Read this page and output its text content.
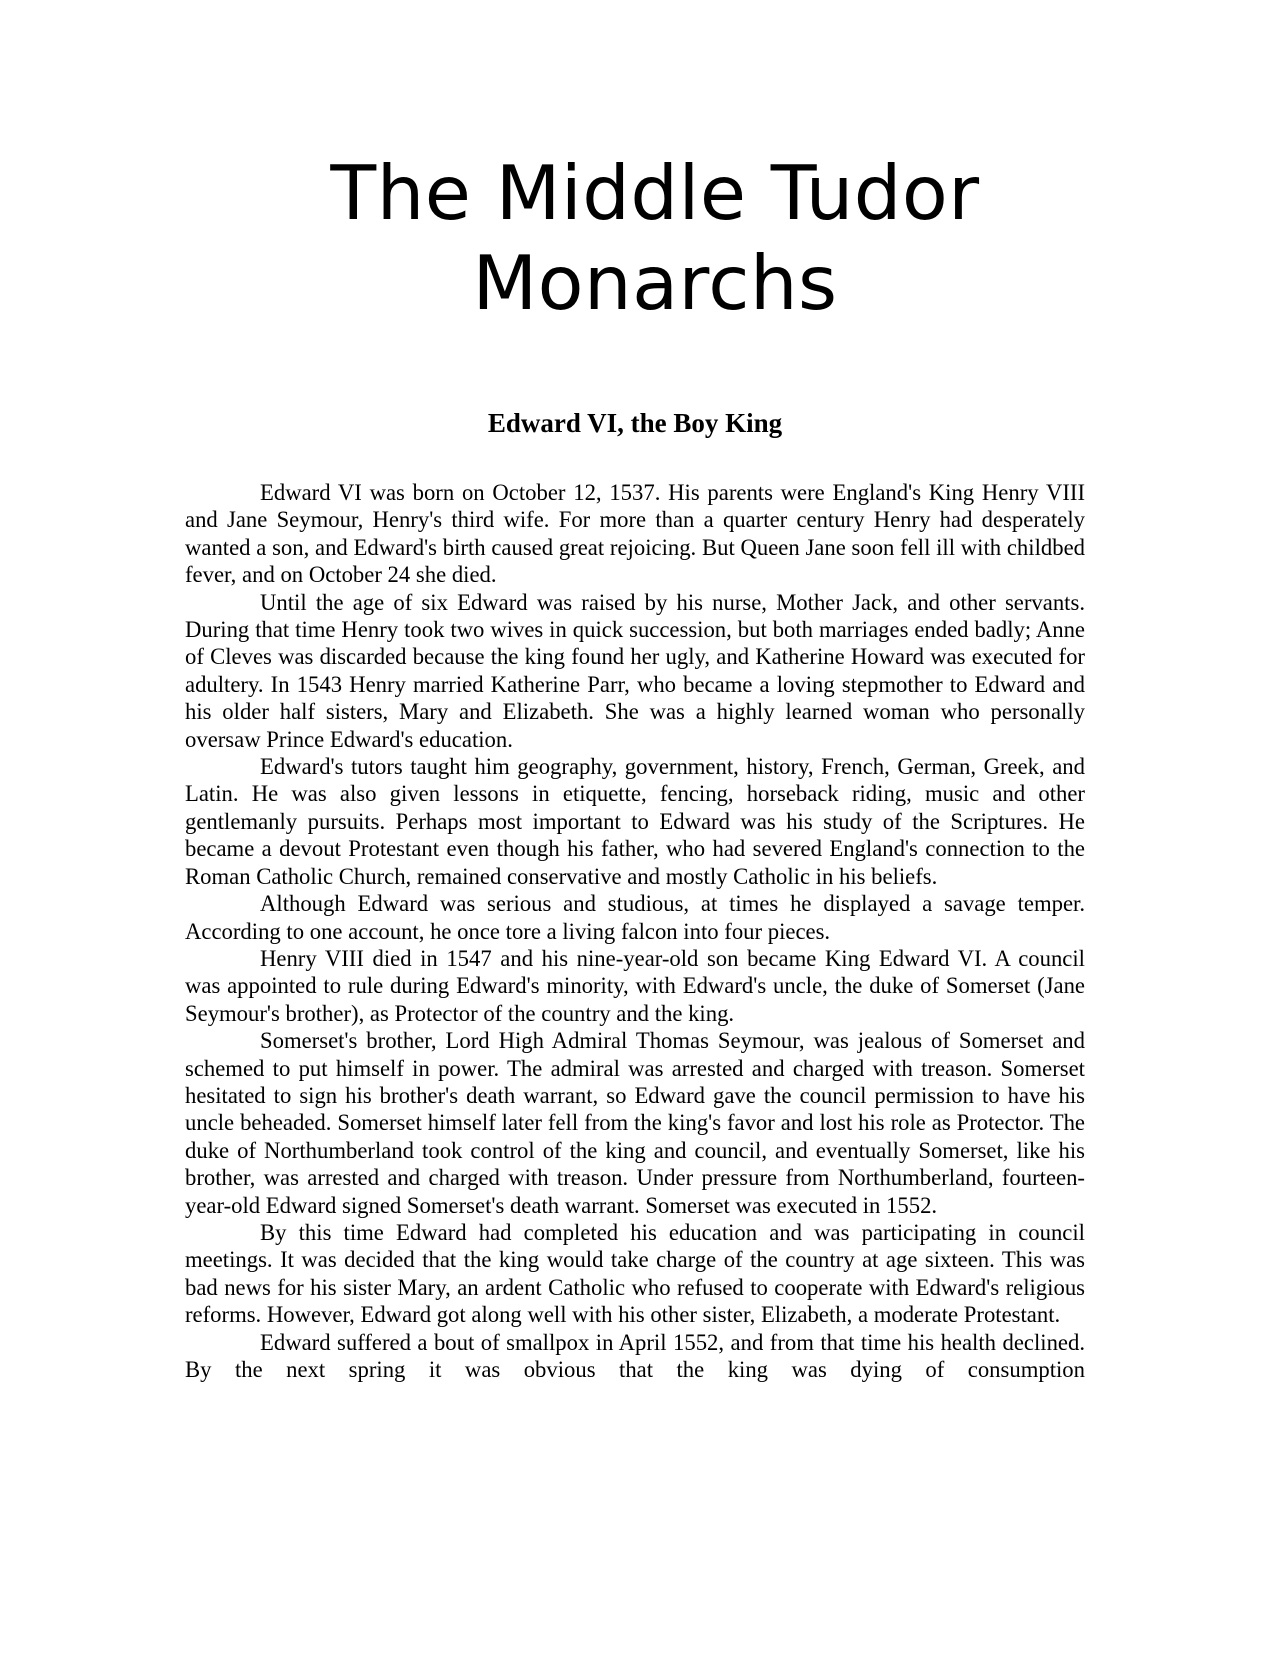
The Middle Tudor
Monarchs
Edward VI, the Boy King

Edward VI was born on October 12, 1537. His parents were England's King Henry VIII and Jane Seymour, Henry's third wife. For more than a quarter century Henry had desperately wanted a son, and Edward's birth caused great rejoicing. But Queen Jane soon fell ill with childbed fever, and on October 24 she died.

Until the age of six Edward was raised by his nurse, Mother Jack, and other servants. During that time Henry took two wives in quick succession, but both marriages ended badly; Anne of Cleves was discarded because the king found her ugly, and Katherine Howard was executed for adultery. In 1543 Henry married Katherine Parr, who became a loving stepmother to Edward and his older half sisters, Mary and Elizabeth. She was a highly learned woman who personally oversaw Prince Edward's education.

Edward's tutors taught him geography, government, history, French, German, Greek, and Latin. He was also given lessons in etiquette, fencing, horseback riding, music and other gentlemanly pursuits. Perhaps most important to Edward was his study of the Scriptures. He became a devout Protestant even though his father, who had severed England's connection to the Roman Catholic Church, remained conservative and mostly Catholic in his beliefs.

Although Edward was serious and studious, at times he displayed a savage temper. According to one account, he once tore a living falcon into four pieces.

Henry VIII died in 1547 and his nine-year-old son became King Edward VI. A council was appointed to rule during Edward's minority, with Edward's uncle, the duke of Somerset (Jane Seymour's brother), as Protector of the country and the king.

Somerset's brother, Lord High Admiral Thomas Seymour, was jealous of Somerset and schemed to put himself in power. The admiral was arrested and charged with treason. Somerset hesitated to sign his brother's death warrant, so Edward gave the council permission to have his uncle beheaded. Somerset himself later fell from the king's favor and lost his role as Protector. The duke of Northumberland took control of the king and council, and eventually Somerset, like his brother, was arrested and charged with treason. Under pressure from Northumberland, fourteen-year-old Edward signed Somerset's death warrant. Somerset was executed in 1552.

By this time Edward had completed his education and was participating in council meetings. It was decided that the king would take charge of the country at age sixteen. This was bad news for his sister Mary, an ardent Catholic who refused to cooperate with Edward's religious reforms. However, Edward got along well with his other sister, Elizabeth, a moderate Protestant.

Edward suffered a bout of smallpox in April 1552, and from that time his health declined. By the next spring it was obvious that the king was dying of consumption
